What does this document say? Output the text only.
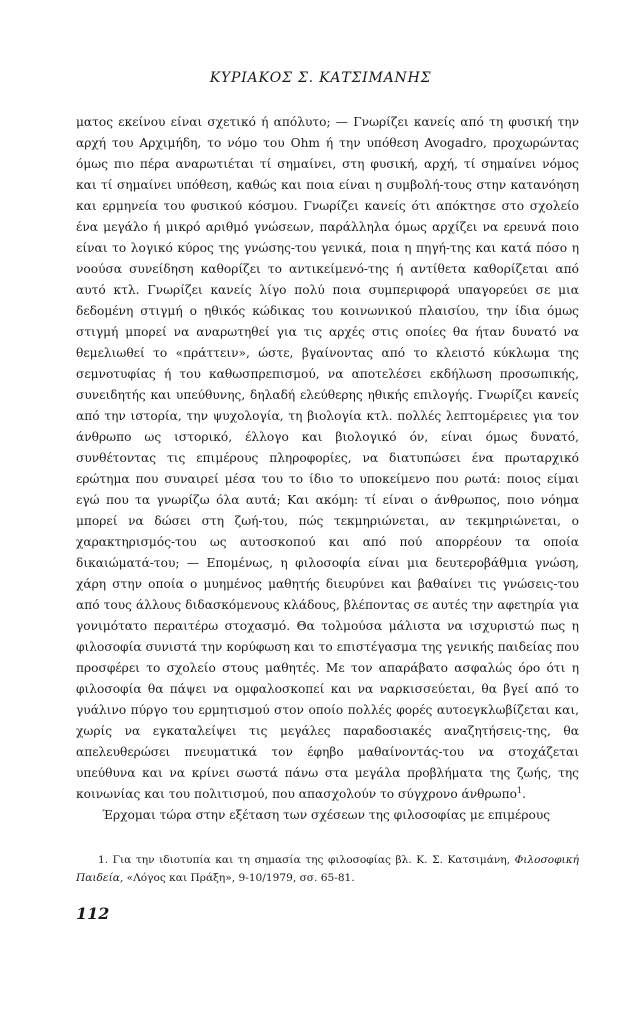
ΚΥΡΙΑΚΟΣ Σ. ΚΑΤΣΙΜΑΝΗΣ

ματος εκείνου είναι σχετικό ή απόλυτο; — Γνωρίζει κανείς από τη φυσική την αρχή του Αρχιμήδη, το νόμο του Ohm ή την υπόθεση Avogadro, προχωρώντας όμως πιο πέρα αναρωτιέται τί σημαίνει, στη φυσική, αρχή, τί σημαίνει νόμος και τί σημαίνει υπόθεση, καθώς και ποια είναι η συμβολή-τους στην κατανόηση και ερμηνεία του φυσικού κόσμου. Γνωρίζει κανείς ότι απόκτησε στο σχολείο ένα μεγάλο ή μικρό αριθμό γνώσεων, παράλληλα όμως αρχίζει να ερευνά ποιο είναι το λογικό κύρος της γνώσης-του γενικά, ποια η πηγή-της και κατά πόσο η νοούσα συνείδηση καθορίζει το αντικείμενό-της ή αντίθετα καθορίζεται από αυτό κτλ. Γνωρίζει κανείς λίγο πολύ ποια συμπεριφορά υπαγορεύει σε μια δεδομένη στιγμή ο ηθικός κώδικας του κοινωνικού πλαισίου, την ίδια όμως στιγμή μπορεί να αναρωτηθεί για τις αρχές στις οποίες θα ήταν δυνατό να θεμελιωθεί το «πράττειν», ώστε, βγαίνοντας από το κλειστό κύκλωμα της σεμνοτυφίας ή του καθωσπρεπισμού, να αποτελέσει εκδήλωση προσωπικής, συνειδητής και υπεύθυνης, δηλαδή ελεύθερης ηθικής επιλογής. Γνωρίζει κανείς από την ιστορία, την ψυχολογία, τη βιολογία κτλ. πολλές λεπτομέρειες για τον άνθρωπο ως ιστορικό, έλλογο και βιολογικό όν, είναι όμως δυνατό, συνθέτοντας τις επιμέρους πληροφορίες, να διατυπώσει ένα πρωταρχικό ερώτημα που συναιρεί μέσα του το ίδιο το υποκείμενο που ρωτά: ποιος είμαι εγώ που τα γνωρίζω όλα αυτά; Και ακόμη: τί είναι ο άνθρωπος, ποιο νόημα μπορεί να δώσει στη ζωή-του, πώς τεκμηριώνεται, αν τεκμηριώνεται, ο χαρακτηρισμός-του ως αυτοσκοπού και από πού απορρέουν τα οποία δικαιώματά-του; — Επομένως, η φιλοσοφία είναι μια δευτεροβάθμια γνώση, χάρη στην οποία ο μυημένος μαθητής διευρύνει και βαθαίνει τις γνώσεις-του από τους άλλους διδασκόμενους κλάδους, βλέποντας σε αυτές την αφετηρία για γονιμότατο περαιτέρω στοχασμό. Θα τολμούσα μάλιστα να ισχυριστώ πως η φιλοσοφία συνιστά την κορύφωση και το επιστέγασμα της γενικής παιδείας που προσφέρει το σχολείο στους μαθητές. Με τον απαράβατο ασφαλώς όρο ότι η φιλοσοφία θα πάψει να ομφαλοσκοπεί και να ναρκισσεύεται, θα βγεί από το γυάλινο πύργο του ερμητισμού στον οποίο πολλές φορές αυτοεγκλωβίζεται και, χωρίς να εγκαταλείψει τις μεγάλες παραδοσιακές αναζητήσεις-της, θα απελευθερώσει πνευματικά τον έφηβο μαθαίνοντάς-του να στοχάζεται υπεύθυνα και να κρίνει σωστά πάνω στα μεγάλα προβλήματα της ζωής, της κοινωνίας και του πολιτισμού, που απασχολούν το σύγχρονο άνθρωπο$^1$.

Έρχομαι τώρα στην εξέταση των σχέσεων της φιλοσοφίας με επιμέρους

1. Για την ιδιοτυπία και τη σημασία της φιλοσοφίας βλ. Κ. Σ. Κατσιμάνη, Φιλοσοφική Παιδεία, «Λόγος και Πράξη», 9-10/1979, σσ. 65-81.

112
